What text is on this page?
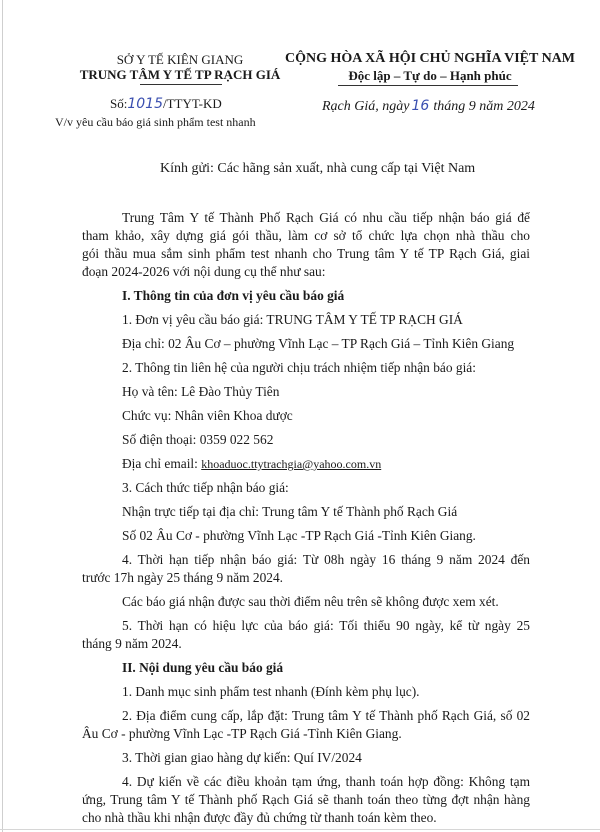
SỞ Y TẾ KIÊN GIANG
TRUNG TÂM Y TẾ TP RẠCH GIÁ
Số:1015/TTYT-KD
V/v yêu cầu báo giá sinh phẩm test nhanh
CỘNG HÒA XÃ HỘI CHỦ NGHĨA VIỆT NAM
Độc lập – Tự do – Hạnh phúc
Rạch Giá, ngày 16 tháng 9 năm 2024
Kính gửi: Các hãng sản xuất, nhà cung cấp tại Việt Nam
Trung Tâm Y tế Thành Phố Rạch Giá có nhu cầu tiếp nhận báo giá để
tham khảo, xây dựng giá gói thầu, làm cơ sở tổ chức lựa chọn nhà thầu cho
gói thầu mua sắm sinh phẩm test nhanh cho Trung tâm Y tế TP Rạch Giá, giai
đoạn 2024-2026 với nội dung cụ thể như sau:
I. Thông tin của đơn vị yêu cầu báo giá
1. Đơn vị yêu cầu báo giá: TRUNG TÂM Y TẾ TP RẠCH GIÁ
Địa chỉ: 02 Âu Cơ – phường Vĩnh Lạc – TP Rạch Giá – Tỉnh Kiên Giang
2. Thông tin liên hệ của người chịu trách nhiệm tiếp nhận báo giá:
Họ và tên: Lê Đào Thủy Tiên
Chức vụ: Nhân viên Khoa dược
Số điện thoại: 0359 022 562
Địa chỉ email: khoaduoc.ttytrachgia@yahoo.com.vn
3. Cách thức tiếp nhận báo giá:
Nhận trực tiếp tại địa chỉ: Trung tâm Y tế Thành phố Rạch Giá
Số 02 Âu Cơ - phường Vĩnh Lạc -TP Rạch Giá -Tỉnh Kiên Giang.
4. Thời hạn tiếp nhận báo giá: Từ 08h ngày 16 tháng 9 năm 2024 đến
trước 17h ngày 25 tháng 9 năm 2024.
Các báo giá nhận được sau thời điểm nêu trên sẽ không được xem xét.
5. Thời hạn có hiệu lực của báo giá: Tối thiểu 90 ngày, kể từ ngày 25
tháng 9 năm 2024.
II. Nội dung yêu cầu báo giá
1. Danh mục sinh phẩm test nhanh (Đính kèm phụ lục).
2. Địa điểm cung cấp, lắp đặt: Trung tâm Y tế Thành phố Rạch Giá, số 02
Âu Cơ - phường Vĩnh Lạc -TP Rạch Giá -Tỉnh Kiên Giang.
3. Thời gian giao hàng dự kiến: Quí IV/2024
4. Dự kiến về các điều khoản tạm ứng, thanh toán hợp đồng: Không tạm
ứng, Trung tâm Y tế Thành phố Rạch Giá sẽ thanh toán theo từng đợt nhận hàng
cho nhà thầu khi nhận được đầy đủ chứng từ thanh toán kèm theo.
